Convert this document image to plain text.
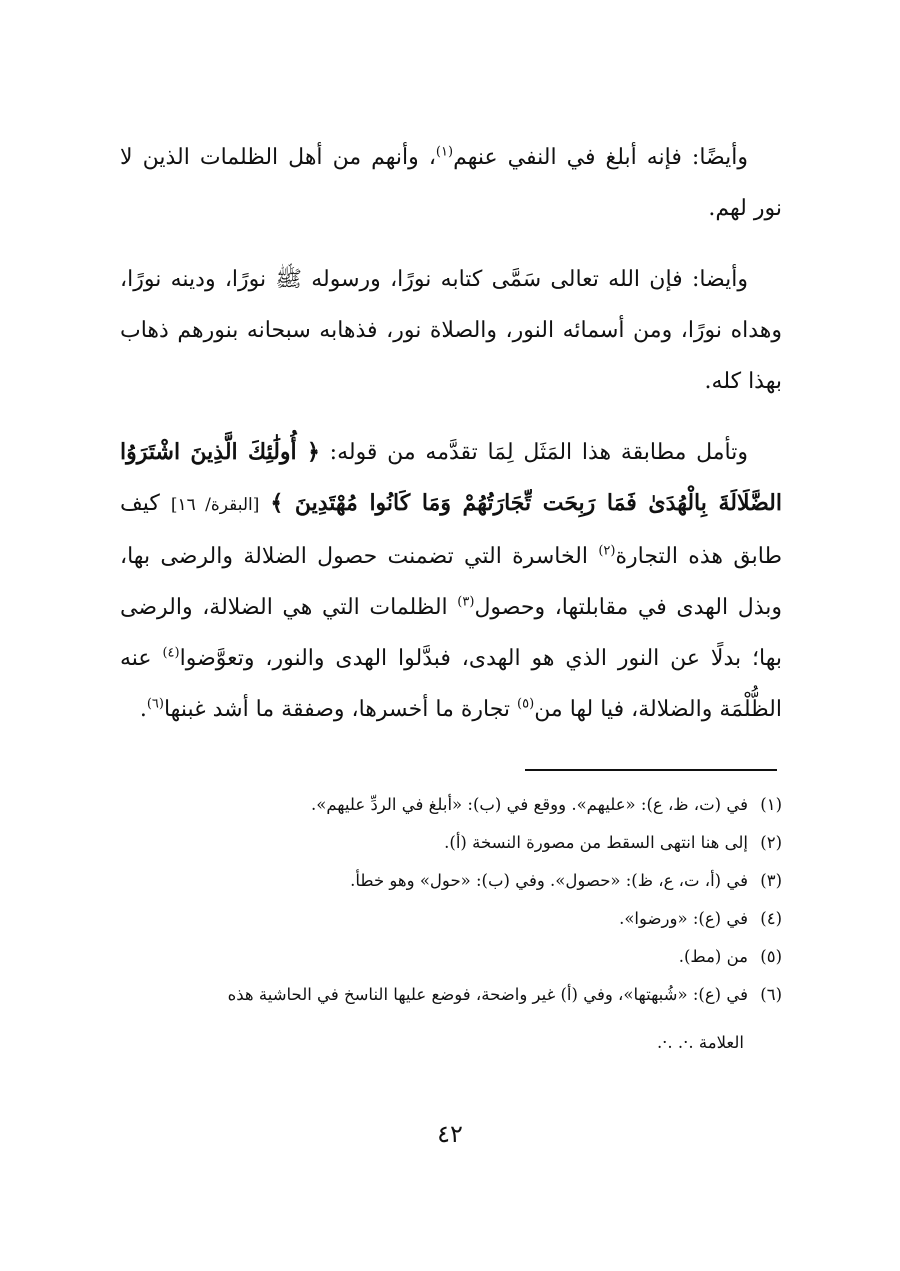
وأيضًا: فإنه أبلغ في النفي عنهم$^{(١)}$، وأنهم من أهل الظلمات الذين لا نور لهم.

وأيضا: فإن الله تعالى سَمَّى كتابه نورًا، ورسوله ﷺ نورًا، ودينه نورًا، وهداه نورًا، ومن أسمائه النور، والصلاة نور، فذهابه سبحانه بنورهم ذهاب بهذا كله.

وتأمل مطابقة هذا المَثَل لِمَا تقدَّمه من قوله: ﴿ أُولَٰئِكَ الَّذِينَ اشْتَرَوُا الضَّلَالَةَ بِالْهُدَىٰ فَمَا رَبِحَت تِّجَارَتُهُمْ وَمَا كَانُوا مُهْتَدِينَ ﴾ [البقرة/ ١٦] كيف طابق هذه التجارة$^{(٢)}$ الخاسرة التي تضمنت حصول الضلالة والرضى بها، وبذل الهدى في مقابلتها، وحصول$^{(٣)}$ الظلمات التي هي الضلالة، والرضى بها؛ بدلًا عن النور الذي هو الهدى، فبدَّلوا الهدى والنور، وتعوَّضوا$^{(٤)}$ عنه الظُّلْمَة والضلالة، فيا لها من$^{(٥)}$ تجارة ما أخسرها، وصفقة ما أشد غبنها$^{(٦)}$.

(١)في (ت، ظ، ع): «عليهم». ووقع في (ب): «أبلغ في الردِّ عليهم».
(٢)إلى هنا انتهى السقط من مصورة النسخة (أ).
(٣)في (أ، ت، ع، ظ): «حصول». وفي (ب): «حول» وهو خطأ.
(٤)في (ع): «ورضوا».
(٥)من (مط).
(٦)في (ع): «شُبهتها»، وفي (أ) غير واضحة، فوضع عليها الناسخ في الحاشية هذه
العلامة .·. .·.
٤٢
